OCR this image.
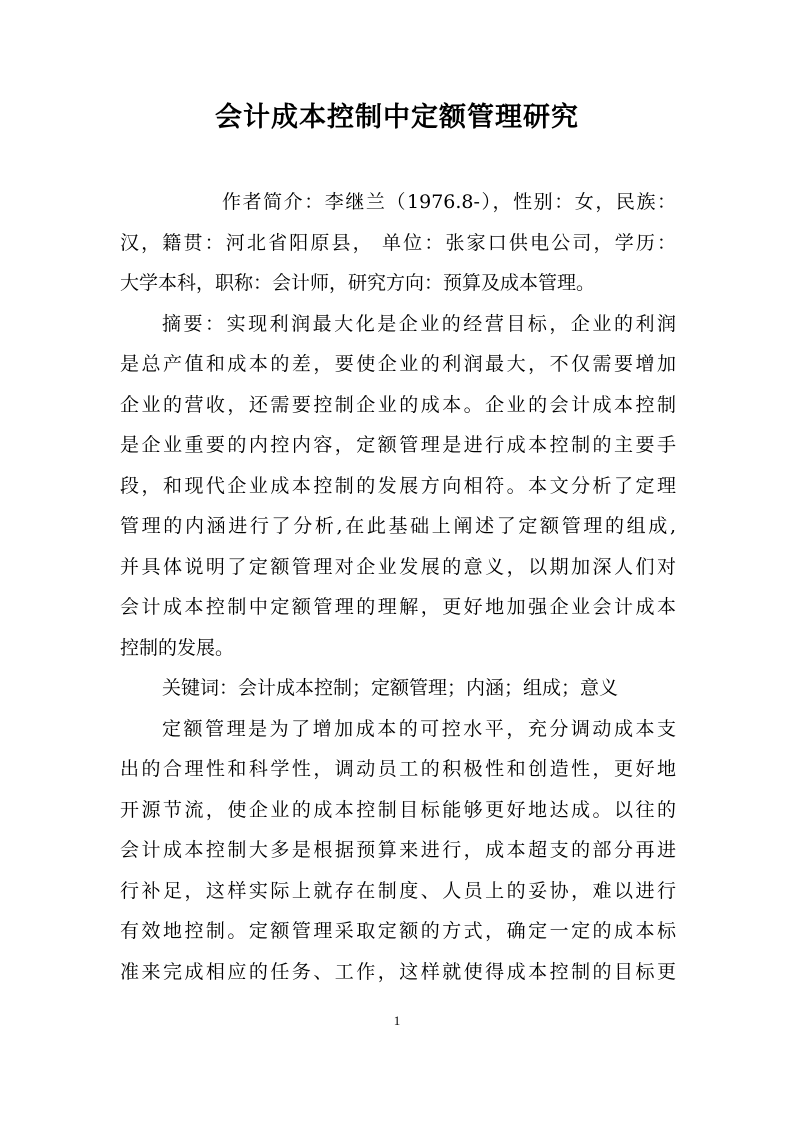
会计成本控制中定额管理研究
作者简介：李继兰（1976.8-），性别：女，民族：
汉，籍贯：河北省阳原县， 单位：张家口供电公司，学历：
大学本科，职称：会计师，研究方向：预算及成本管理。
摘要：实现利润最大化是企业的经营目标，企业的利润
是总产值和成本的差，要使企业的利润最大，不仅需要增加
企业的营收，还需要控制企业的成本。企业的会计成本控制
是企业重要的内控内容，定额管理是进行成本控制的主要手
段，和现代企业成本控制的发展方向相符。本文分析了定理
管理的内涵进行了分析,在此基础上阐述了定额管理的组成,
并具体说明了定额管理对企业发展的意义，以期加深人们对
会计成本控制中定额管理的理解，更好地加强企业会计成本
控制的发展。
关键词：会计成本控制；定额管理；内涵；组成；意义
定额管理是为了增加成本的可控水平，充分调动成本支
出的合理性和科学性，调动员工的积极性和创造性，更好地
开源节流，使企业的成本控制目标能够更好地达成。以往的
会计成本控制大多是根据预算来进行，成本超支的部分再进
行补足，这样实际上就存在制度、人员上的妥协，难以进行
有效地控制。定额管理采取定额的方式，确定一定的成本标
准来完成相应的任务、工作，这样就使得成本控制的目标更
1
